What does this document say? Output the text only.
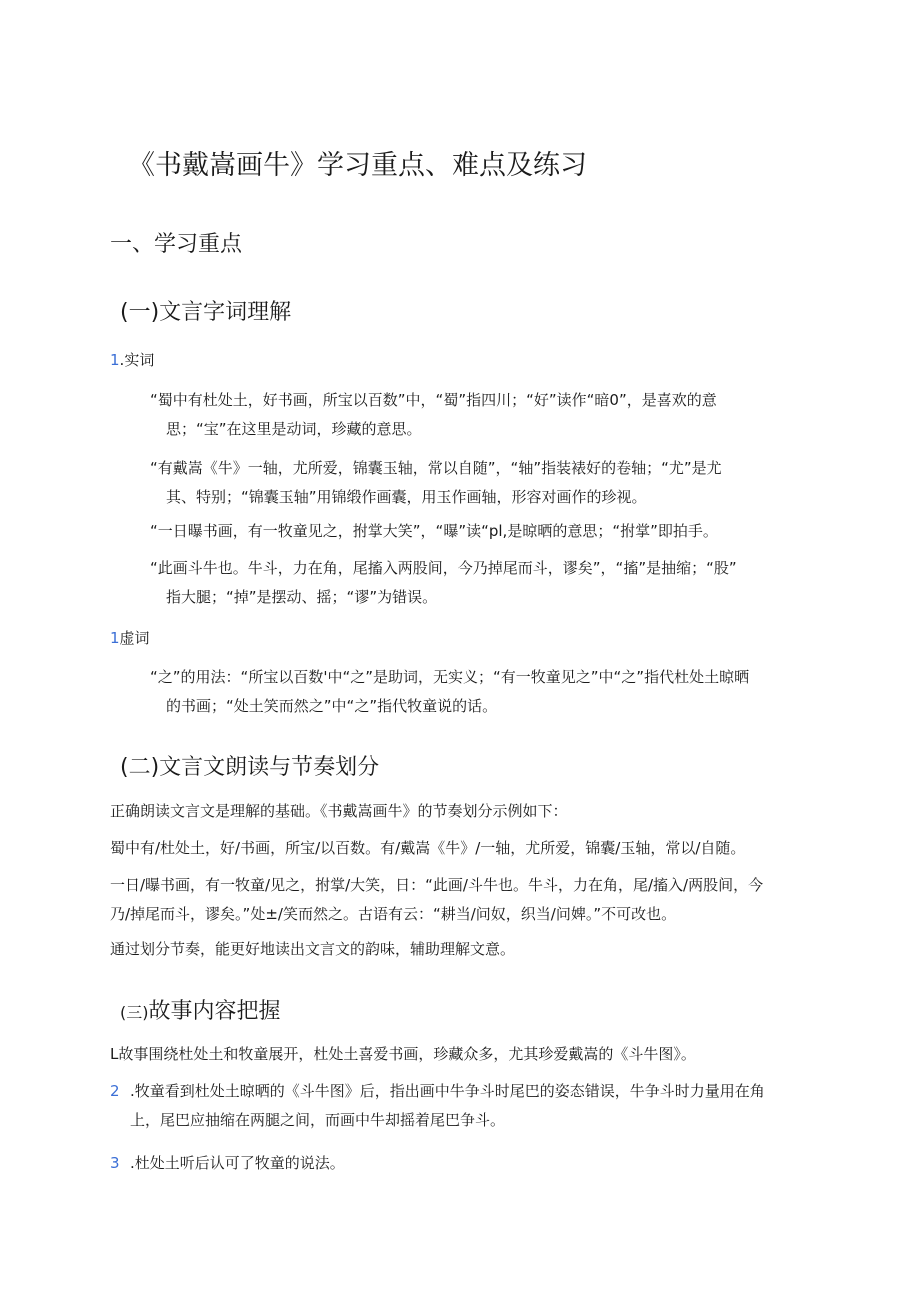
《书戴嵩画牛》学习重点、难点及练习
一、学习重点
(一)文言字词理解
1.实词

“蜀中有杜处土，好书画，所宝以百数”中，“蜀”指四川；“好”读作“暗0”，是喜欢的意

思；“宝”在这里是动词，珍藏的意思。

“有戴嵩《牛》一轴，尤所爱，锦囊玉轴，常以自随”，“轴”指装裱好的卷轴；“尤”是尤

其、特别；“锦囊玉轴”用锦缎作画囊，用玉作画轴，形容对画作的珍视。

“一日曝书画，有一牧童见之，拊掌大笑”，“曝”读“pl,是晾晒的意思；“拊掌”即拍手。

“此画斗牛也。牛斗，力在角，尾搐入两股间，今乃掉尾而斗，谬矣”，“搐”是抽缩；“股”

指大腿；“掉”是摆动、摇；“谬”为错误。

1虚词

“之”的用法：“所宝以百数'中“之”是助词，无实义；“有一牧童见之”中“之”指代杜处土晾晒

的书画；“处土笑而然之”中“之”指代牧童说的话。

(二)文言文朗读与节奏划分
正确朗读文言文是理解的基础。《书戴嵩画牛》的节奏划分示例如下：
蜀中有/杜处土，好/书画，所宝/以百数。有/戴嵩《牛》/一轴，尤所爱，锦囊/玉轴，常以/自随。

一日/曝书画，有一牧童/见之，拊掌/大笑，日：“此画/斗牛也。牛斗，力在角，尾/搐入/两股间，今

乃/掉尾而斗，谬矣。”处±/笑而然之。古语有云：“耕当/问奴，织当/问婢。”不可改也。

通过划分节奏，能更好地读出文言文的韵味，辅助理解文意。
(三)故事内容把握
L故事围绕杜处土和牧童展开，杜处土喜爱书画，珍藏众多，尤其珍爱戴嵩的《斗牛图》。
2 .牧童看到杜处土晾晒的《斗牛图》后，指出画中牛争斗时尾巴的姿态错误，牛争斗时力量用在角

上，尾巴应抽缩在两腿之间，而画中牛却摇着尾巴争斗。

3 .杜处土听后认可了牧童的说法。
